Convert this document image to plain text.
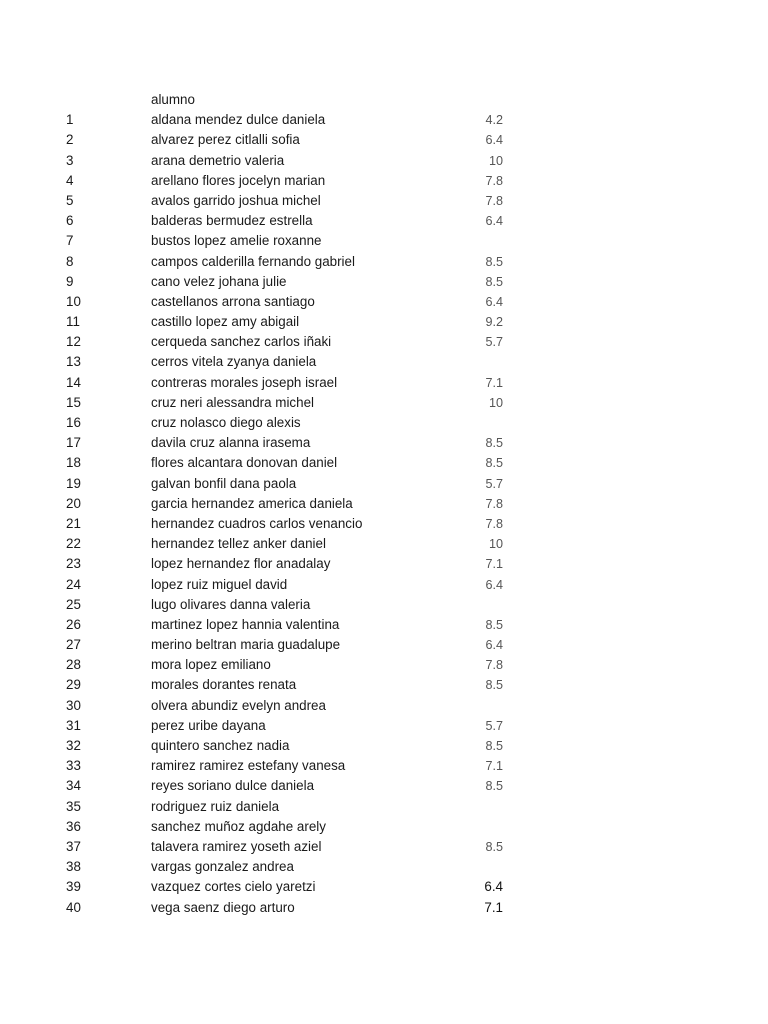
alumno
1	aldana mendez dulce daniela	4.2
2	alvarez perez citlalli sofia	6.4
3	arana demetrio valeria	10
4	arellano flores jocelyn marian	7.8
5	avalos garrido joshua michel	7.8
6	balderas bermudez estrella	6.4
7	bustos lopez amelie roxanne
8	campos calderilla fernando gabriel	8.5
9	cano velez johana julie	8.5
10	castellanos arrona santiago	6.4
11	castillo lopez amy abigail	9.2
12	cerqueda sanchez carlos iñaki	5.7
13	cerros vitela zyanya daniela
14	contreras morales joseph israel	7.1
15	cruz neri alessandra michel	10
16	cruz nolasco diego alexis
17	davila cruz alanna irasema	8.5
18	flores alcantara donovan daniel	8.5
19	galvan bonfil dana paola	5.7
20	garcia hernandez america daniela	7.8
21	hernandez cuadros carlos venancio	7.8
22	hernandez tellez anker daniel	10
23	lopez hernandez flor anadalay	7.1
24	lopez ruiz miguel david	6.4
25	lugo olivares danna valeria
26	martinez lopez hannia valentina	8.5
27	merino beltran maria guadalupe	6.4
28	mora lopez emiliano	7.8
29	morales dorantes renata	8.5
30	olvera abundiz evelyn andrea
31	perez uribe dayana	5.7
32	quintero sanchez nadia	8.5
33	ramirez ramirez estefany vanesa	7.1
34	reyes soriano dulce daniela	8.5
35	rodriguez ruiz daniela
36	sanchez muñoz agdahe arely
37	talavera ramirez yoseth aziel	8.5
38	vargas gonzalez andrea
39	vazquez cortes cielo yaretzi	6.4
40	vega saenz diego arturo	7.1
